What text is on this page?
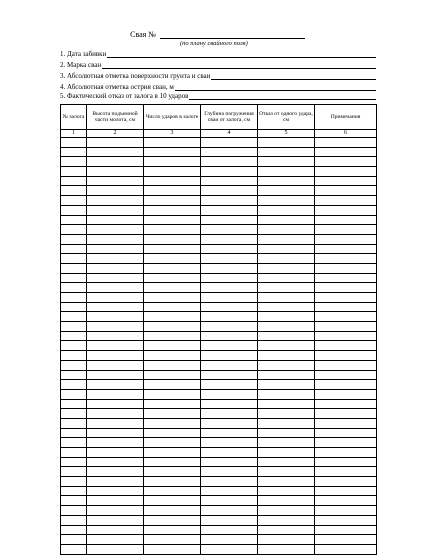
Свая №
(по плану свайного поля)
1. Дата забивки
2. Марка сван
3. Абсолютная отметка поверхности грунта и сваи
4. Абсолютная отметка острия сван, м
5. Фактический отказ от залога в 10 ударов
№ залога	Высота подъемной части молота, см	Число ударов в залоге	Глубина погружения сваи от залога, см	Отказ от одного удара, см	Примечания
1	2	3	4	5	6
